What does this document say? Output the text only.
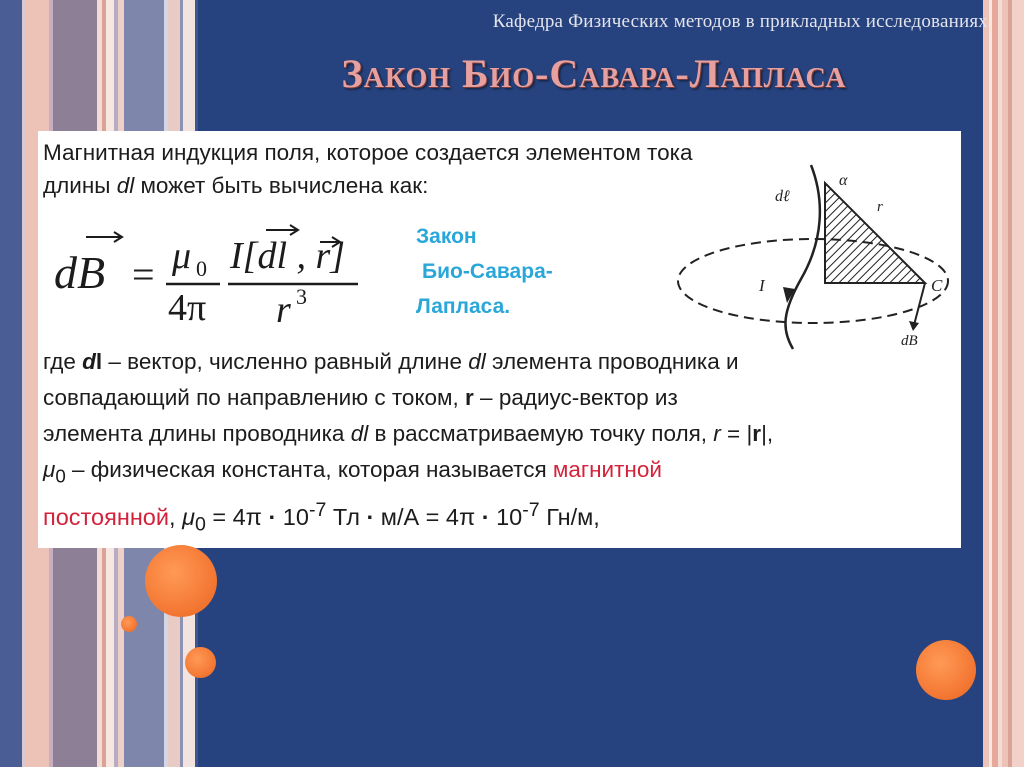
Кафедра Физических методов в прикладных исследованиях
Закон Био-Савара-Лапласа
Магнитная индукция поля, которое создается элементом тока
длины dl может быть вычислена как:
dB = μ 0
4π
I[dl , r]
r 3
Закон
Био-Савара-
Лапласа.
dℓ
α
r
I	C
dB
где dl – вектор, численно равный длине dl элемента проводника и
совпадающий по направлению с током, r – радиус-вектор из
элемента длины проводника dl в рассматриваемую точку поля, r = |r|,
$\mu_0$ – физическая константа, которая называется магнитной
постоянной, $\mu_0 = 4\pi \cdot 10^{-7}$ Тл · $м/А = 4\pi \cdot 10^{-7}$ Гн/м,
